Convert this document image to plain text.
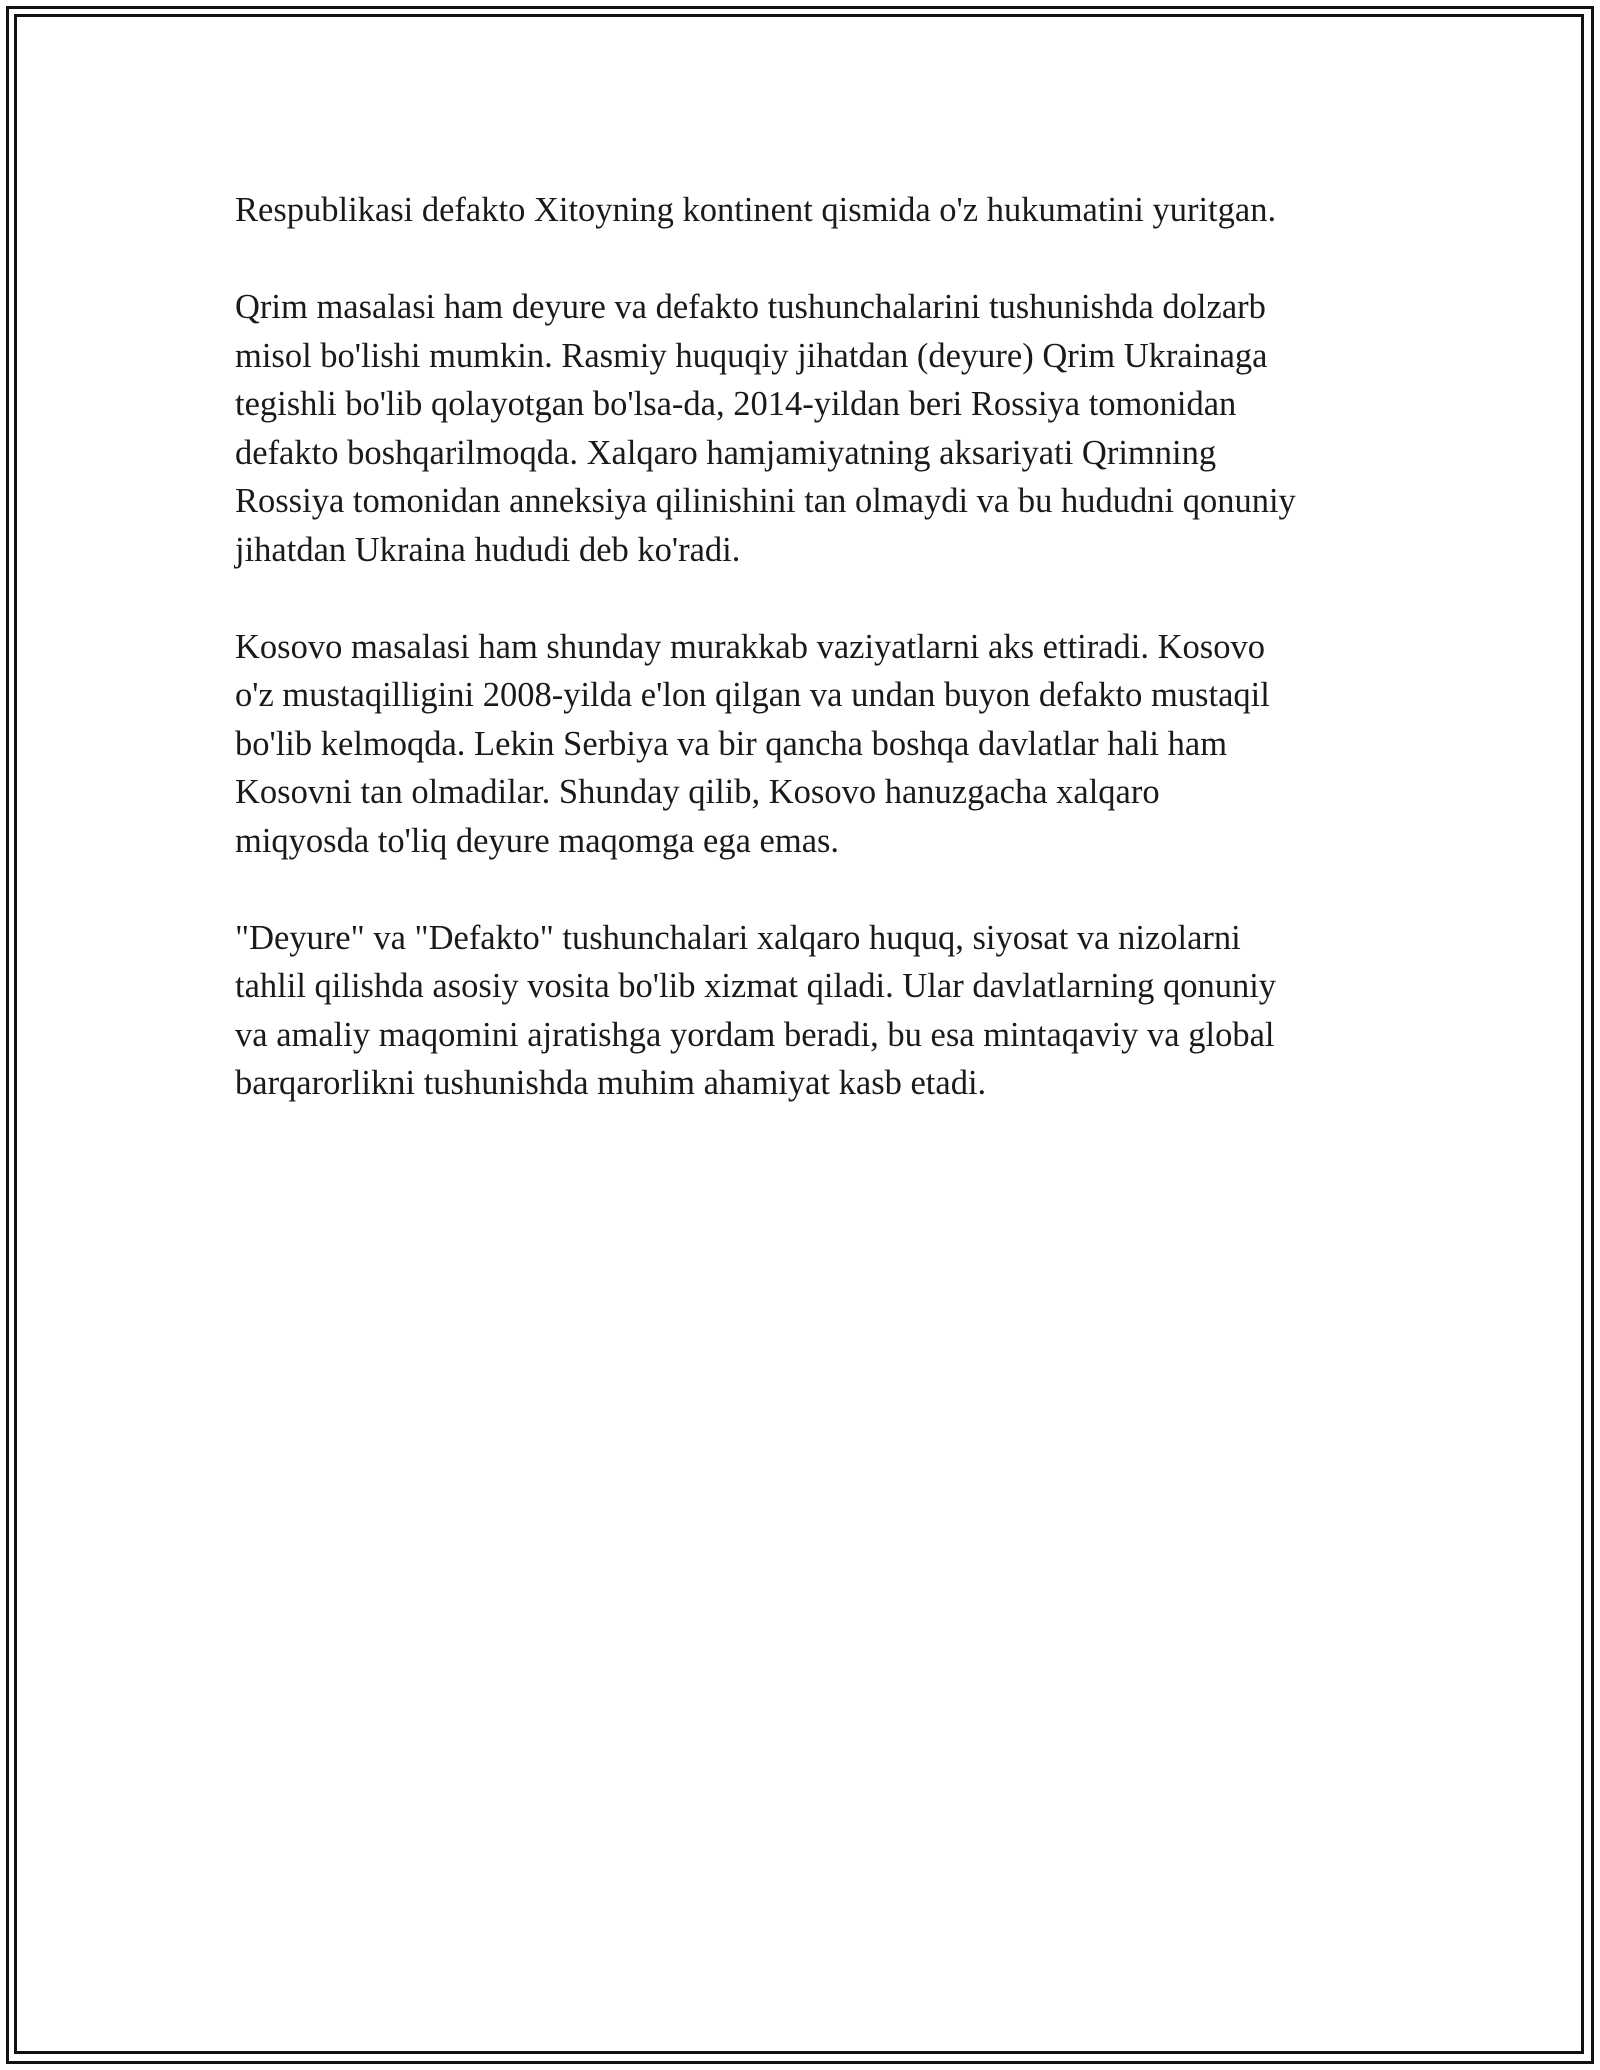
Respublikasi defakto Xitoyning kontinent qismida o'z hukumatini yuritgan.

Qrim masalasi ham deyure va defakto tushunchalarini tushunishda dolzarb
misol bo'lishi mumkin. Rasmiy huquqiy jihatdan (deyure) Qrim Ukrainaga
tegishli bo'lib qolayotgan bo'lsa-da, 2014-yildan beri Rossiya tomonidan
defakto boshqarilmoqda. Xalqaro hamjamiyatning aksariyati Qrimning
Rossiya tomonidan anneksiya qilinishini tan olmaydi va bu hududni qonuniy
jihatdan Ukraina hududi deb ko'radi.

Kosovo masalasi ham shunday murakkab vaziyatlarni aks ettiradi. Kosovo
o'z mustaqilligini 2008-yilda e'lon qilgan va undan buyon defakto mustaqil
bo'lib kelmoqda. Lekin Serbiya va bir qancha boshqa davlatlar hali ham
Kosovni tan olmadilar. Shunday qilib, Kosovo hanuzgacha xalqaro
miqyosda to'liq deyure maqomga ega emas.

"Deyure" va "Defakto" tushunchalari xalqaro huquq, siyosat va nizolarni
tahlil qilishda asosiy vosita bo'lib xizmat qiladi. Ular davlatlarning qonuniy
va amaliy maqomini ajratishga yordam beradi, bu esa mintaqaviy va global
barqarorlikni tushunishda muhim ahamiyat kasb etadi.
